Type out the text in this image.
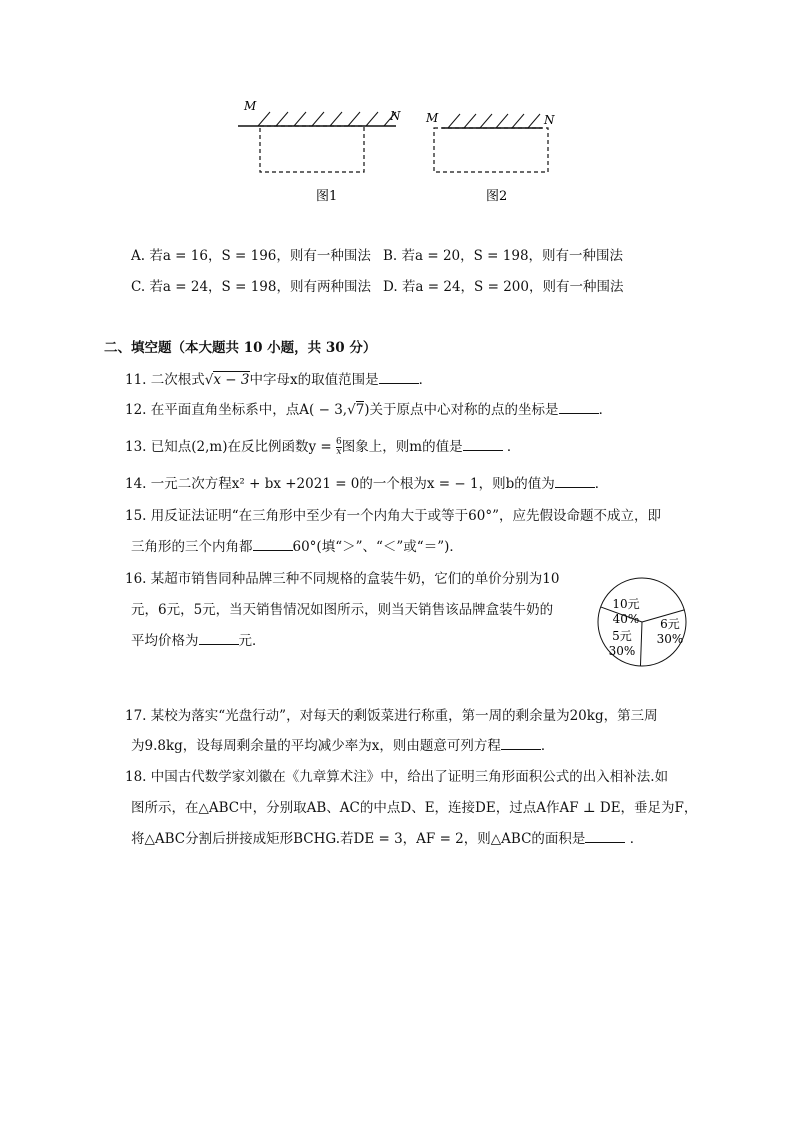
M
N
图1
M	N
图2
A. 若a = 16，S = 196，则有一种围法 B. 若a = 20，S = 198，则有一种围法
C. 若a = 24，S = 198，则有两种围法 D. 若a = 24，S = 200，则有一种围法
二、填空题（本大题共 10 小题，共 30 分）
11. 二次根式√x − 3中字母x的取值范围是	．
12. 在平面直角坐标系中，点A( − 3,√7)关于原点中心对称的点的坐标是	．
13. 已知点(2,m)在反比例函数$y = \frac{6}{x}$ 图象上，则m的值是	．
14. 一元二次方程x² + bx +2021 = 0的一个根为x = − 1，则b的值为	．
15. 用反证法证明“在三角形中至少有一个内角大于或等于60°”，应先假设命题不成立，即
三角形的三个内角都	60°(填“＞”、“＜”或“＝”)．
16. 某超市销售同种品牌三种不同规格的盒装牛奶，它们的单价分别为10
元，6元，5元，当天销售情况如图所示，则当天销售该品牌盒装牛奶的
平均价格为	元．
10元
40% 6元
30%
5元
30%
17. 某校为落实“光盘行动”，对每天的剩饭菜进行称重，第一周的剩余量为20kg，第三周
为9.8kg，设每周剩余量的平均减少率为x，则由题意可列方程	．
18. 中国古代数学家刘徽在《九章算术注》中，给出了证明三角形面积公式的出入相补法.如
图所示，在△ABC中，分别取AB、AC的中点D、E，连接DE，过点A作AF ⊥ DE，垂足为F，
将△ABC分割后拼接成矩形BCHG.若DE = 3，AF = 2，则△ABC的面积是	．
